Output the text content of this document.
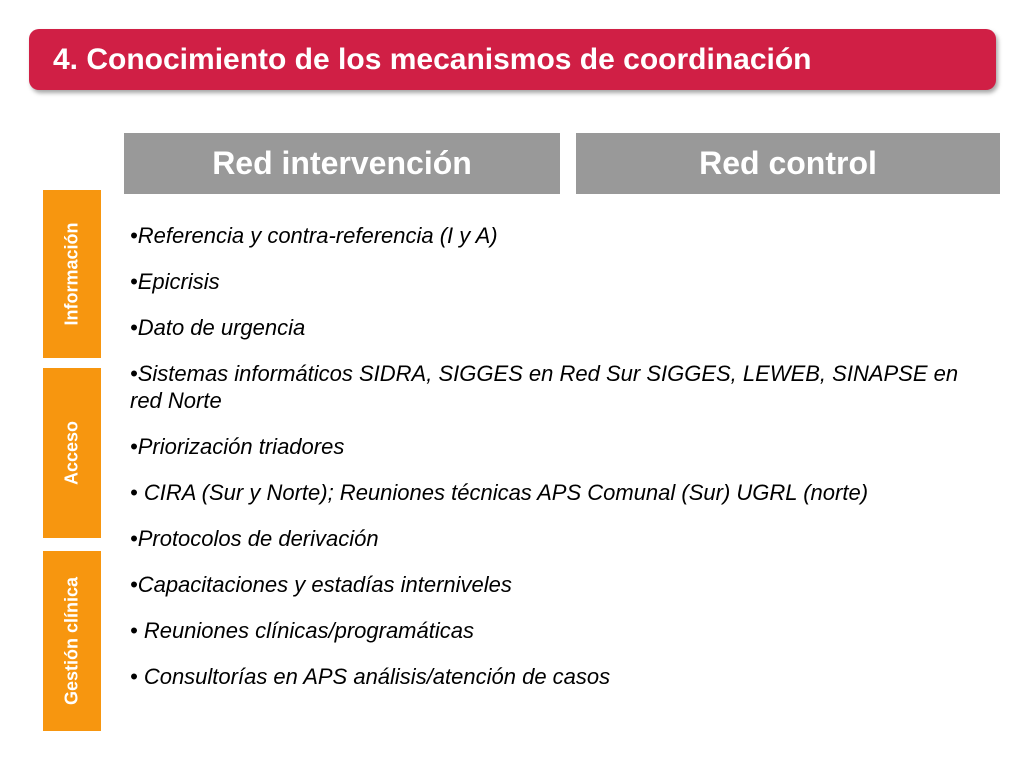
4. Conocimiento de los mecanismos de coordinación
Red intervención	Red control
Información
Acceso
Gestión clínica
•Referencia y contra-referencia (I y A)
•Epicrisis
•Dato de urgencia
•Sistemas informáticos SIDRA, SIGGES en Red Sur SIGGES, LEWEB, SINAPSE en red Norte
•Priorización triadores
• CIRA (Sur y Norte); Reuniones técnicas APS Comunal (Sur) UGRL (norte)
•Protocolos de derivación
•Capacitaciones y estadías interniveles
• Reuniones clínicas/programáticas
• Consultorías en APS análisis/atención de casos
